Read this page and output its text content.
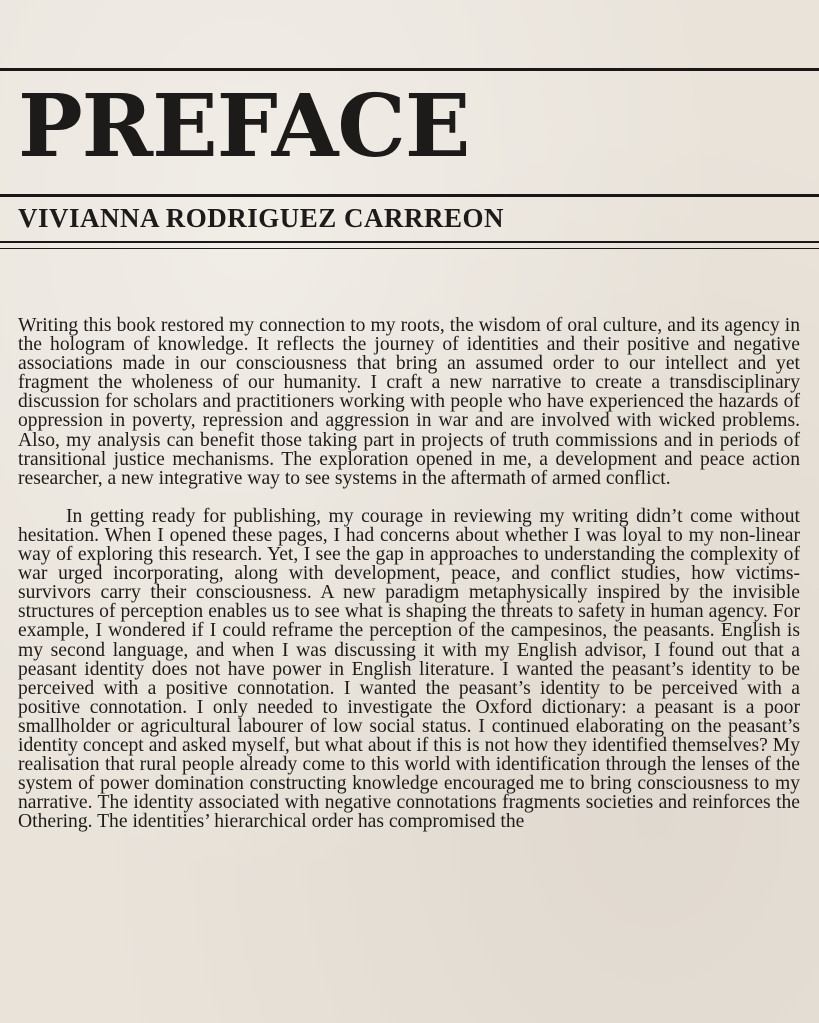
PREFACE
VIVIANNA RODRIGUEZ CARRREON

Writing this book restored my connection to my roots, the wisdom of oral culture, and its agency in the hologram of knowledge. It reflects the journey of identities and their positive and negative associations made in our consciousness that bring an assumed order to our intellect and yet fragment the wholeness of our humanity. I craft a new narrative to create a transdisciplinary discussion for scholars and practitioners working with people who have experienced the hazards of oppression in poverty, repression and aggression in war and are involved with wicked problems. Also, my analysis can benefit those taking part in projects of truth commissions and in periods of transitional justice mechanisms. The exploration opened in me, a development and peace action researcher, a new integrative way to see systems in the aftermath of armed conflict.

In getting ready for publishing, my courage in reviewing my writing didn’t come without hesitation. When I opened these pages, I had concerns about whether I was loyal to my non-linear way of exploring this research. Yet, I see the gap in approaches to understanding the complexity of war urged incorporating, along with development, peace, and conflict studies, how victims-survivors carry their consciousness. A new paradigm metaphysically inspired by the invisible structures of perception enables us to see what is shaping the threats to safety in human agency. For example, I wondered if I could reframe the perception of the campesinos, the peasants. English is my second language, and when I was discussing it with my English advisor, I found out that a peasant identity does not have power in English literature. I wanted the peasant’s identity to be perceived with a positive connotation. I wanted the peasant’s identity to be perceived with a positive connotation. I only needed to investigate the Oxford dictionary: a peasant is a poor smallholder or agricultural labourer of low social status. I continued elaborating on the peasant’s identity concept and asked myself, but what about if this is not how they identified themselves? My realisation that rural people already come to this world with identification through the lenses of the system of power domination constructing knowledge encouraged me to bring consciousness to my narrative. The identity associated with negative connotations fragments societies and reinforces the Othering. The identities’ hierarchical order has compromised the
